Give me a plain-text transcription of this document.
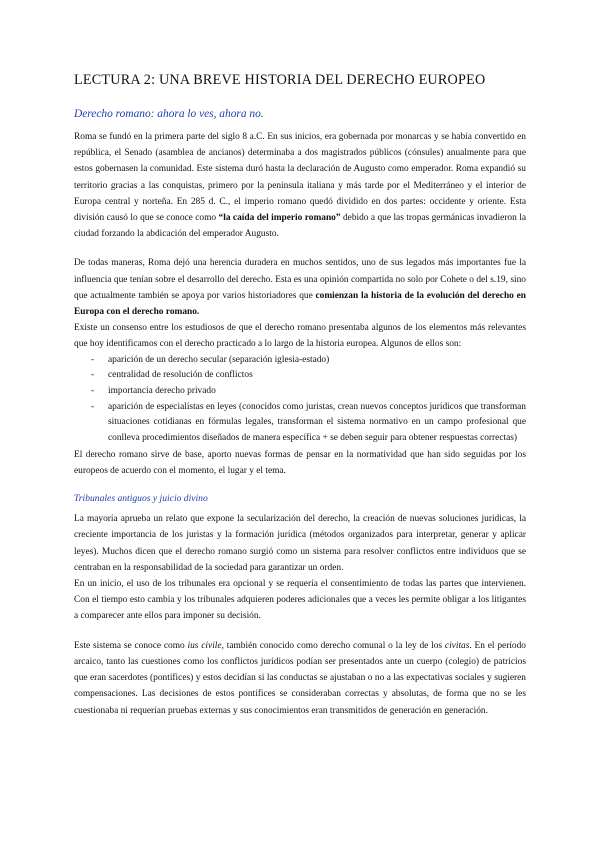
LECTURA 2: UNA BREVE HISTORIA DEL DERECHO EUROPEO
Derecho romano: ahora lo ves, ahora no.

Roma se fundó en la primera parte del siglo 8 a.C. En sus inicios, era gobernada por monarcas y se había convertido en república, el Senado (asamblea de ancianos) determinaba a dos magistrados públicos (cónsules) anualmente para que estos gobernasen la comunidad. Este sistema duró hasta la declaración de Augusto como emperador. Roma expandió su territorio gracias a las conquistas, primero por la península italiana y más tarde por el Mediterráneo y el interior de Europa central y norteña. En 285 d. C., el imperio romano quedó dividido en dos partes: occidente y oriente. Esta división causó lo que se conoce como “la caída del imperio romano” debido a que las tropas germánicas invadieron la ciudad forzando la abdicación del emperador Augusto.

De todas maneras, Roma dejó una herencia duradera en muchos sentidos, uno de sus legados más importantes fue la influencia que tenían sobre el desarrollo del derecho. Esta es una opinión compartida no solo por Cohete o del s.19, sino que actualmente también se apoya por varios historiadores que comienzan la historia de la evolución del derecho en Europa con el derecho romano.

Existe un consenso entre los estudiosos de que el derecho romano presentaba algunos de los elementos más relevantes que hoy identificamos con el derecho practicado a lo largo de la historia europea. Algunos de ellos son:

- aparición de un derecho secular (separación iglesia-estado)
- centralidad de resolución de conflictos
- importancia derecho privado
- aparición de especialistas en leyes (conocidos como juristas, crean nuevos conceptos jurídicos que transforman situaciones cotidianas en fórmulas legales, transforman el sistema normativo en un campo profesional que conlleva procedimientos diseñados de manera específica + se deben seguir para obtener respuestas correctas)

El derecho romano sirve de base, aporto nuevas formas de pensar en la normatividad que han sido seguidas por los europeos de acuerdo con el momento, el lugar y el tema.

Tribunales antiguos y juicio divino

La mayoría aprueba un relato que expone la secularización del derecho, la creación de nuevas soluciones jurídicas, la creciente importancia de los juristas y la formación jurídica (métodos organizados para interpretar, generar y aplicar leyes). Muchos dicen que el derecho romano surgió como un sistema para resolver conflictos entre individuos que se centraban en la responsabilidad de la sociedad para garantizar un orden.

En un inicio, el uso de los tribunales era opcional y se requería el consentimiento de todas las partes que intervienen. Con el tiempo esto cambia y los tribunales adquieren poderes adicionales que a veces les permite obligar a los litigantes a comparecer ante ellos para imponer su decisión.

Este sistema se conoce como ius civile, también conocido como derecho comunal o la ley de los civitas. En el período arcaico, tanto las cuestiones como los conflictos jurídicos podían ser presentados ante un cuerpo (colegio) de patricios que eran sacerdotes (pontífices) y estos decidían si las conductas se ajustaban o no a las expectativas sociales y sugieren compensaciones. Las decisiones de estos pontífices se consideraban correctas y absolutas, de forma que no se les cuestionaba ni requerían pruebas externas y sus conocimientos eran transmitidos de generación en generación.
